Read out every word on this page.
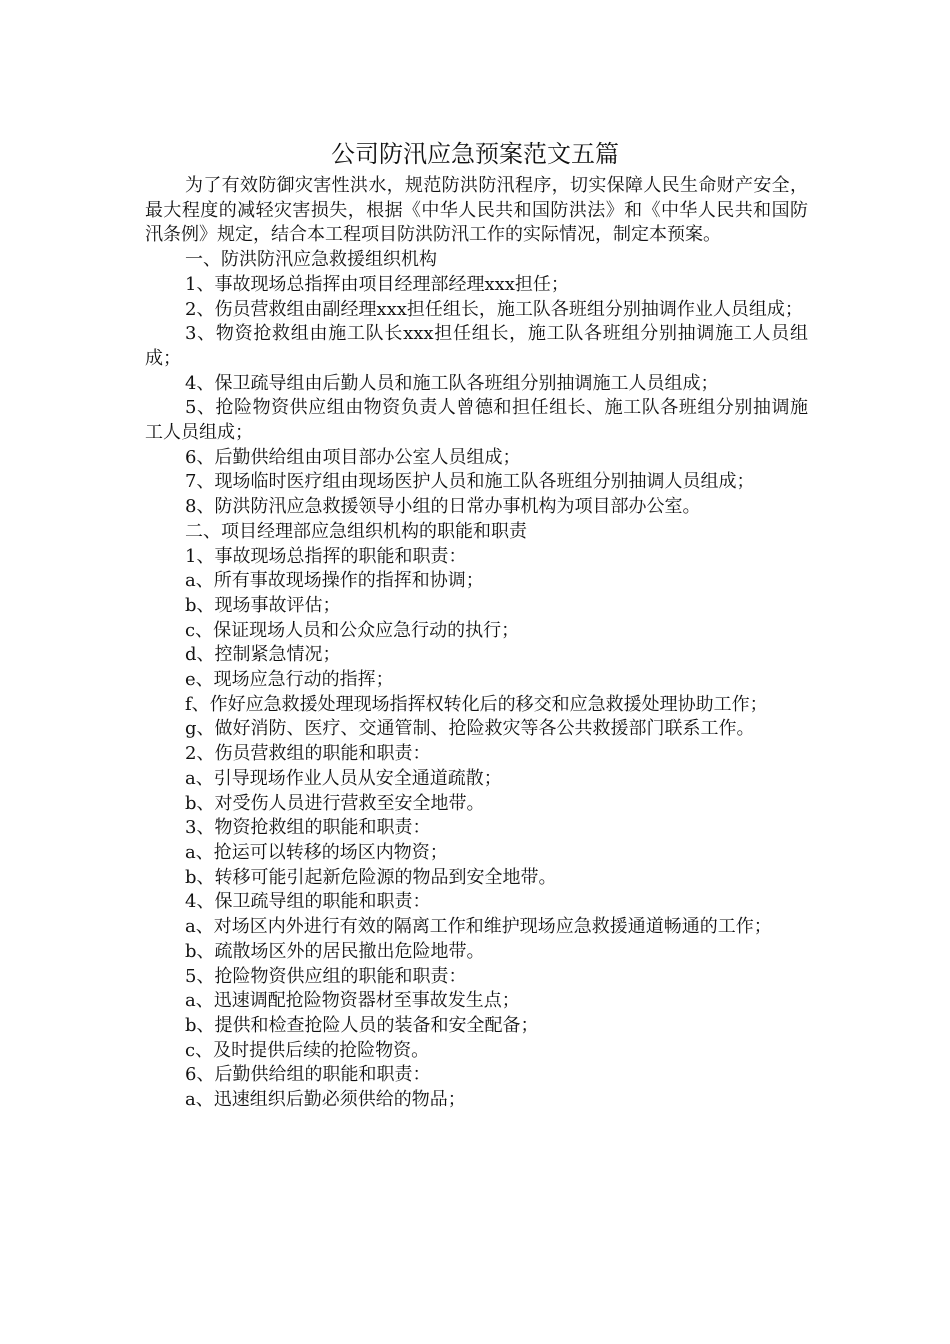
公司防汛应急预案范文五篇

为了有效防御灾害性洪水，规范防洪防汛程序，切实保障人民生命财产安全，最大程度的减轻灾害损失，根据《中华人民共和国防洪法》和《中华人民共和国防汛条例》规定，结合本工程项目防洪防汛工作的实际情况，制定本预案。

一、防洪防汛应急救援组织机构

1、事故现场总指挥由项目经理部经理xxx担任；

2、伤员营救组由副经理xxx担任组长，施工队各班组分别抽调作业人员组成；

3、物资抢救组由施工队长xxx担任组长，施工队各班组分别抽调施工人员组成；

4、保卫疏导组由后勤人员和施工队各班组分别抽调施工人员组成；

5、抢险物资供应组由物资负责人曾德和担任组长、施工队各班组分别抽调施工人员组成；

6、后勤供给组由项目部办公室人员组成；

7、现场临时医疗组由现场医护人员和施工队各班组分别抽调人员组成；

8、防洪防汛应急救援领导小组的日常办事机构为项目部办公室。

二、项目经理部应急组织机构的职能和职责

1、事故现场总指挥的职能和职责：

a、所有事故现场操作的指挥和协调；

b、现场事故评估；

c、保证现场人员和公众应急行动的执行；

d、控制紧急情况；

e、现场应急行动的指挥；

f、作好应急救援处理现场指挥权转化后的移交和应急救援处理协助工作；

g、做好消防、医疗、交通管制、抢险救灾等各公共救援部门联系工作。

2、伤员营救组的职能和职责：

a、引导现场作业人员从安全通道疏散；

b、对受伤人员进行营救至安全地带。

3、物资抢救组的职能和职责：

a、抢运可以转移的场区内物资；

b、转移可能引起新危险源的物品到安全地带。

4、保卫疏导组的职能和职责：

a、对场区内外进行有效的隔离工作和维护现场应急救援通道畅通的工作；

b、疏散场区外的居民撤出危险地带。

5、抢险物资供应组的职能和职责：

a、迅速调配抢险物资器材至事故发生点；

b、提供和检查抢险人员的装备和安全配备；

c、及时提供后续的抢险物资。

6、后勤供给组的职能和职责：

a、迅速组织后勤必须供给的物品；
